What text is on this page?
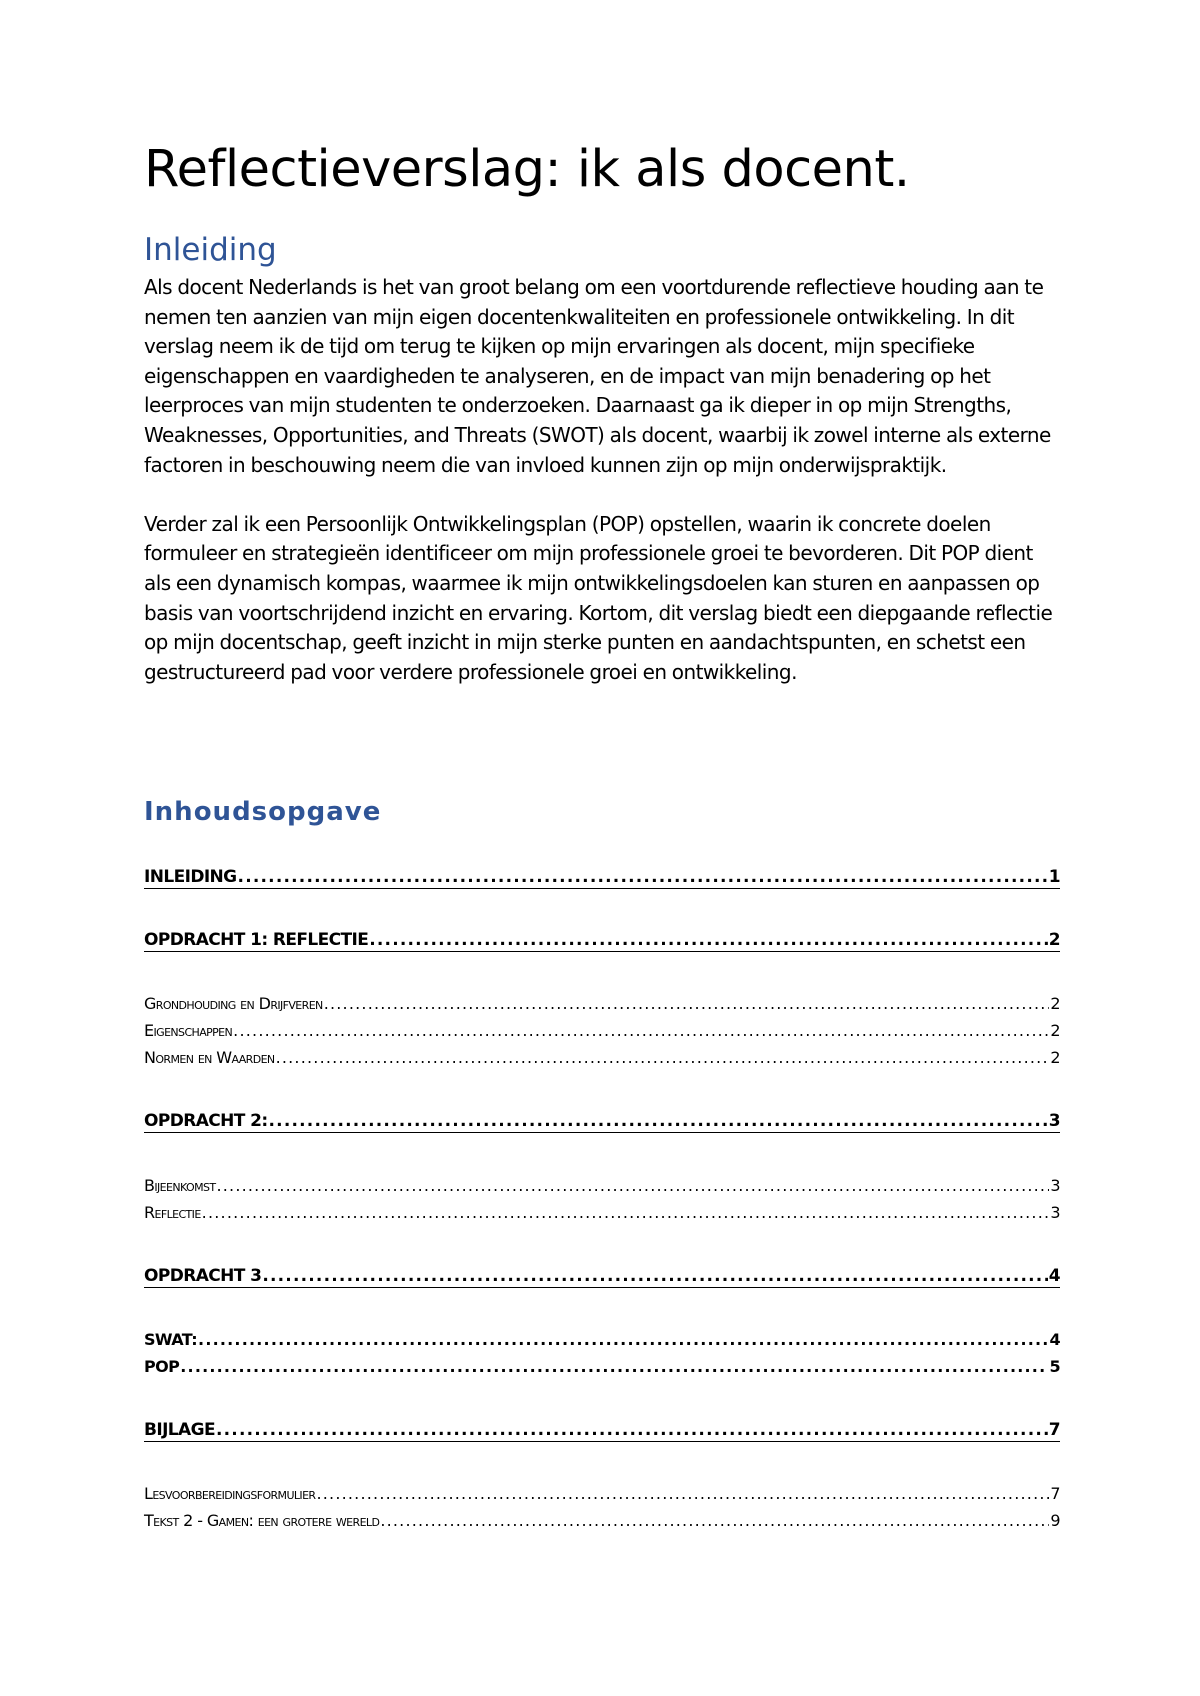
Reflectieverslag: ik als docent.
Inleiding

Als docent Nederlands is het van groot belang om een voortdurende reflectieve houding aan te nemen ten aanzien van mijn eigen docentenkwaliteiten en professionele ontwikkeling. In dit verslag neem ik de tijd om terug te kijken op mijn ervaringen als docent, mijn specifieke eigenschappen en vaardigheden te analyseren, en de impact van mijn benadering op het leerproces van mijn studenten te onderzoeken. Daarnaast ga ik dieper in op mijn Strengths, Weaknesses, Opportunities, and Threats (SWOT) als docent, waarbij ik zowel interne als externe factoren in beschouwing neem die van invloed kunnen zijn op mijn onderwijspraktijk.

Verder zal ik een Persoonlijk Ontwikkelingsplan (POP) opstellen, waarin ik concrete doelen formuleer en strategieën identificeer om mijn professionele groei te bevorderen. Dit POP dient als een dynamisch kompas, waarmee ik mijn ontwikkelingsdoelen kan sturen en aanpassen op basis van voortschrijdend inzicht en ervaring. Kortom, dit verslag biedt een diepgaande reflectie op mijn docentschap, geeft inzicht in mijn sterke punten en aandachtspunten, en schetst een gestructureerd pad voor verdere professionele groei en ontwikkeling.

Inhoudsopgave
INLEIDING .....	1
OPDRACHT 1: REFLECTIE .....	2
Grondhouding en Drijfveren .....	2
Eigenschappen .....	2
Normen en Waarden .....	2
OPDRACHT 2: .....	3
Bijeenkomst .....	3
Reflectie .....	3
OPDRACHT 3 .....	4
SWAT: .....	4
POP .....	5
BIJLAGE .....	7
Lesvoorbereidingsformulier .....	7
Tekst 2 - Gamen: een grotere wereld .....	9
